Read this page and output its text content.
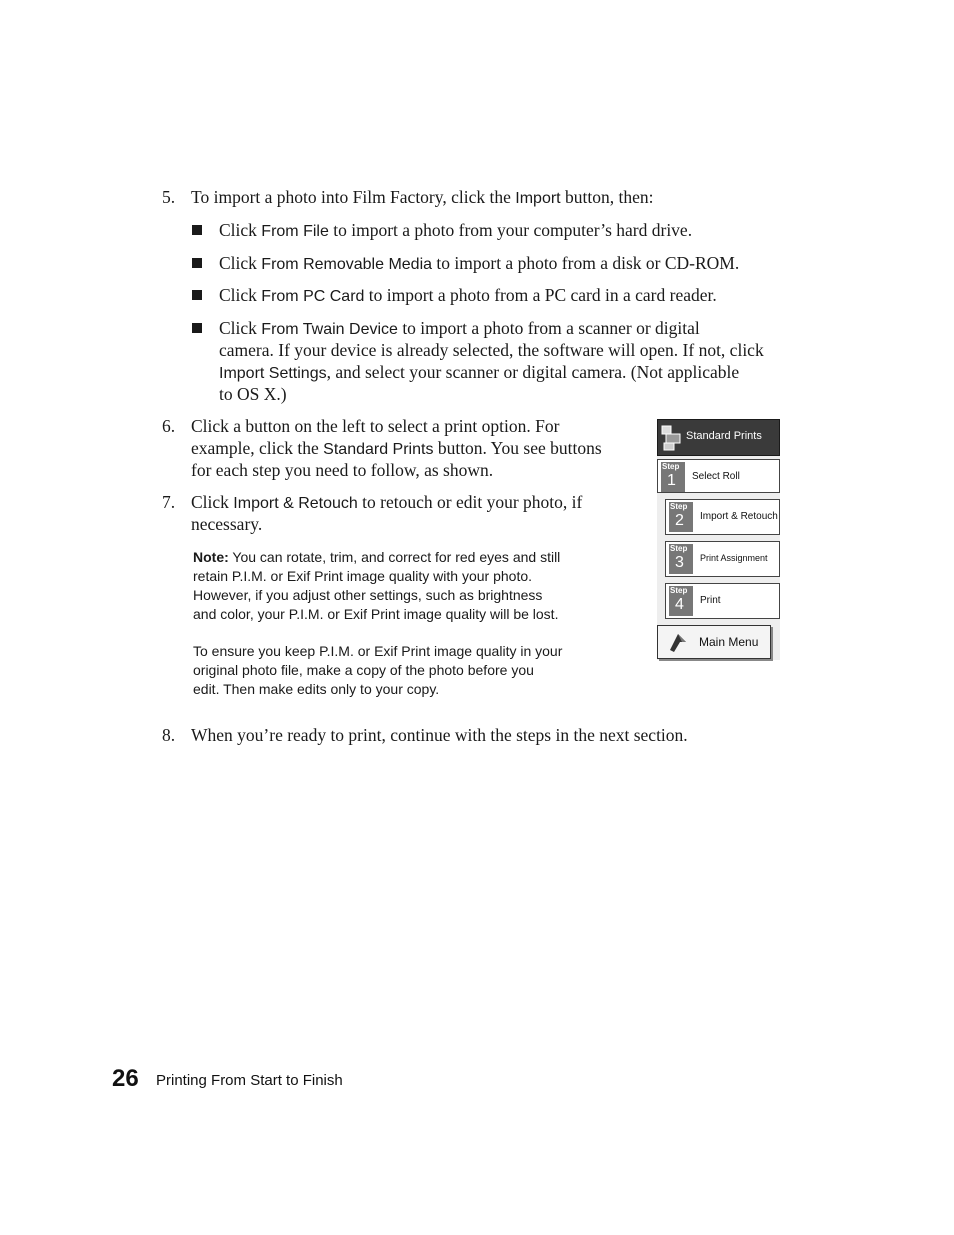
5. To import a photo into Film Factory, click the Import button, then:

Click From File to import a photo from your computer’s hard drive.

Click From Removable Media to import a photo from a disk or CD-ROM.

Click From PC Card to import a photo from a PC card in a card reader.

Click From Twain Device to import a photo from a scanner or digital

camera. If your device is already selected, the software will open. If not, click

Import Settings, and select your scanner or digital camera. (Not applicable

to OS X.)

6. Click a button on the left to select a print option. For

example, click the Standard Prints button. You see buttons

for each step you need to follow, as shown.

7. Click Import & Retouch to retouch or edit your photo, if

necessary.

8. When you’re ready to print, continue with the steps in the next section.

Note: You can rotate, trim, and correct for red eyes and still

retain P.I.M. or Exif Print image quality with your photo.

However, if you adjust other settings, such as brightness

and color, your P.I.M. or Exif Print image quality will be lost.

To ensure you keep P.I.M. or Exif Print image quality in your

original photo file, make a copy of the photo before you

edit. Then make edits only to your copy.

Standard Prints
Step
1 Select Roll
Step
2 Import & Retouch
Step
3 Print Assignment
Step
4 Print
Main Menu
26 Printing From Start to Finish
